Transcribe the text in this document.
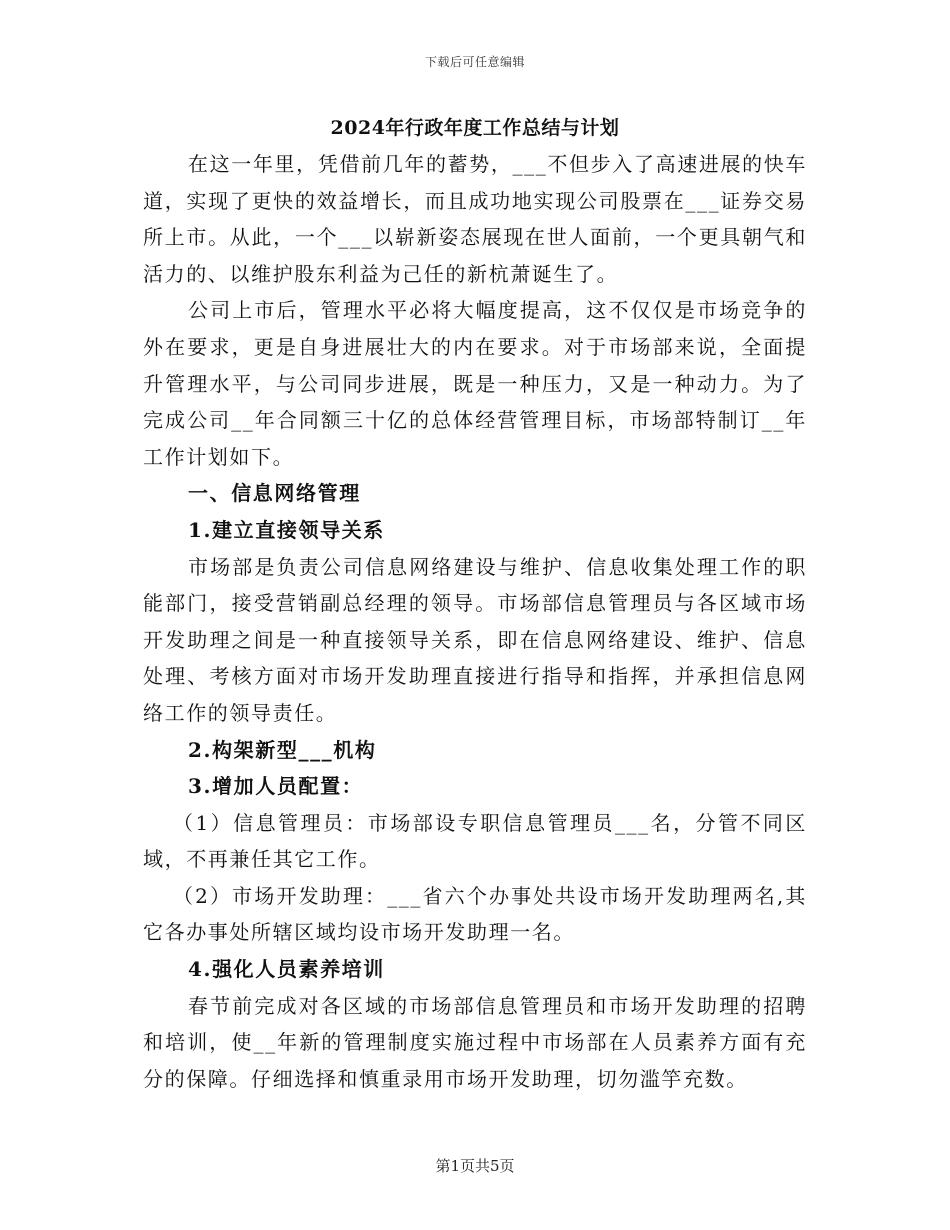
下载后可任意编辑
2024年行政年度工作总结与计划

在这一年里，凭借前几年的蓄势，___不但步入了高速进展的快车道，实现了更快的效益增长，而且成功地实现公司股票在___证券交易所上市。从此，一个___以崭新姿态展现在世人面前，一个更具朝气和活力的、以维护股东利益为己任的新杭萧诞生了。

公司上市后，管理水平必将大幅度提高，这不仅仅是市场竞争的外在要求，更是自身进展壮大的内在要求。对于市场部来说，全面提升管理水平，与公司同步进展，既是一种压力，又是一种动力。为了完成公司__年合同额三十亿的总体经营管理目标，市场部特制订__年工作计划如下。

一、信息网络管理

1.建立直接领导关系

市场部是负责公司信息网络建设与维护、信息收集处理工作的职能部门，接受营销副总经理的领导。市场部信息管理员与各区域市场开发助理之间是一种直接领导关系，即在信息网络建设、维护、信息处理、考核方面对市场开发助理直接进行指导和指挥，并承担信息网络工作的领导责任。

2.构架新型___机构

3.增加人员配置：

（1）信息管理员：市场部设专职信息管理员___名，分管不同区域，不再兼任其它工作。

（2）市场开发助理：___省六个办事处共设市场开发助理两名,其它各办事处所辖区域均设市场开发助理一名。

4.强化人员素养培训

春节前完成对各区域的市场部信息管理员和市场开发助理的招聘和培训，使__年新的管理制度实施过程中市场部在人员素养方面有充分的保障。仔细选择和慎重录用市场开发助理，切勿滥竽充数。

第1页共5页
